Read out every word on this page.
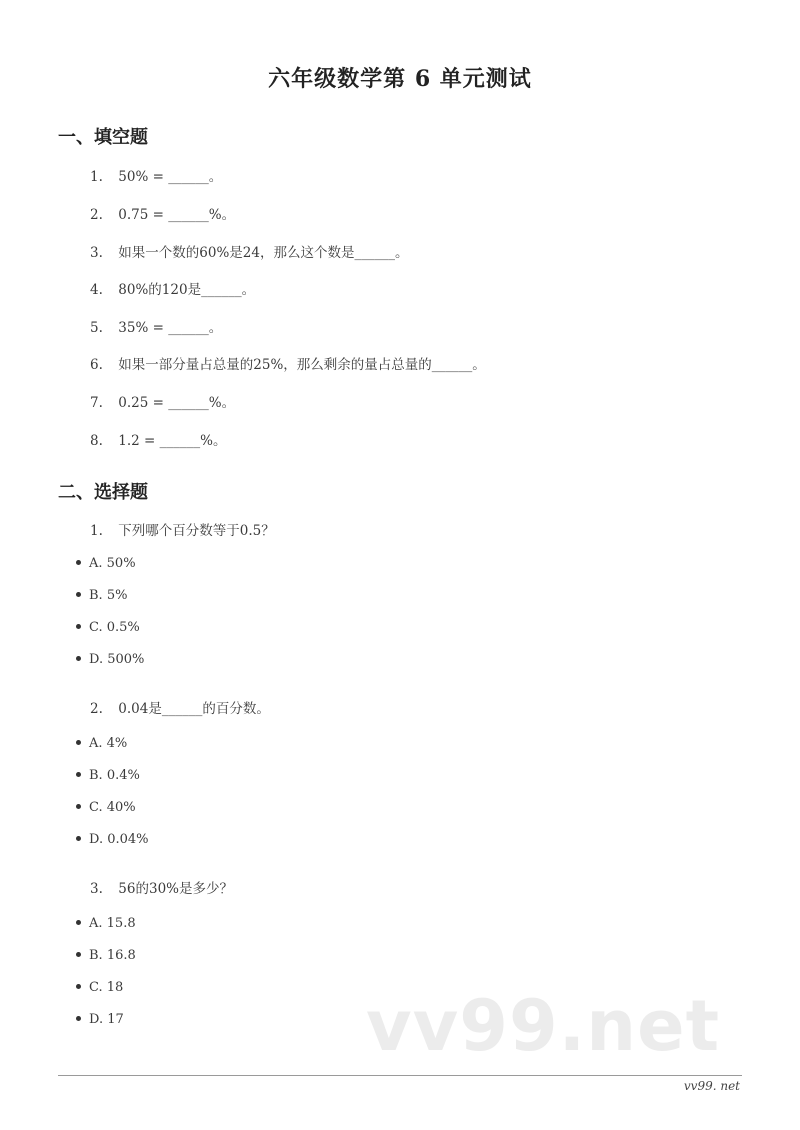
六年级数学第 6 单元测试
一、填空题
1. 50% = ______。
2. 0.75 = ______%。
3. 如果一个数的60%是24，那么这个数是______。
4. 80%的120是______。
5. 35% = ______。
6. 如果一部分量占总量的25%，那么剩余的量占总量的______。
7. 0.25 = ______%。
8. 1.2 = ______%。
二、选择题
1. 下列哪个百分数等于0.5？
A. 50%
B. 5%
C. 0.5%
D. 500%
2. 0.04是______的百分数。
A. 4%
B. 0.4%
C. 40%
D. 0.04%
3. 56的30%是多少？
A. 15.8
B. 16.8
C. 18
D. 17	vv99.net
vv99. net
